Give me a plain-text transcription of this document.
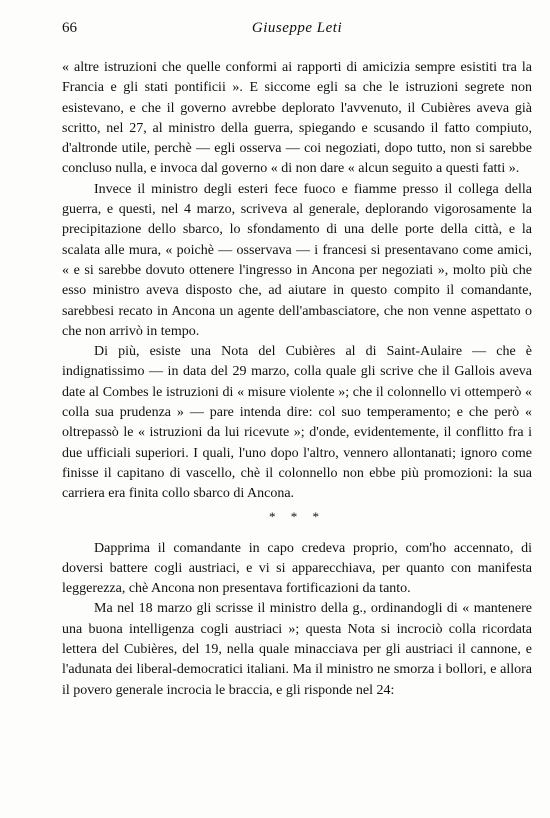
66	Giuseppe Leti

« altre istruzioni che quelle conformi ai rapporti di amicizia sempre esistiti tra la Francia e gli stati pontificii ». E siccome egli sa che le istruzioni segrete non esistevano, e che il governo avrebbe deplorato l'avvenuto, il Cubières aveva già scritto, nel 27, al ministro della guerra, spiegando e scusando il fatto compiuto, d'altronde utile, perchè — egli osserva — coi negoziati, dopo tutto, non si sarebbe concluso nulla, e invoca dal governo « di non dare « alcun seguito a questi fatti ».

Invece il ministro degli esteri fece fuoco e fiamme presso il collega della guerra, e questi, nel 4 marzo, scriveva al generale, deplorando vigorosamente la precipitazione dello sbarco, lo sfondamento di una delle porte della città, e la scalata alle mura, « poichè — osservava — i francesi si presentavano come amici, « e si sarebbe dovuto ottenere l'ingresso in Ancona per negoziati », molto più che esso ministro aveva disposto che, ad aiutare in questo compito il comandante, sarebbesi recato in Ancona un agente dell'ambasciatore, che non venne aspettato o che non arrivò in tempo.

Di più, esiste una Nota del Cubières al di Saint-Aulaire — che è indignatissimo — in data del 29 marzo, colla quale gli scrive che il Gallois aveva date al Combes le istruzioni di « misure violente »; che il colonnello vi ottemperò « colla sua prudenza » — pare intenda dire: col suo temperamento; e che però « oltrepassò le « istruzioni da lui ricevute »; d'onde, evidentemente, il conflitto fra i due ufficiali superiori. I quali, l'uno dopo l'altro, vennero allontanati; ignoro come finisse il capitano di vascello, chè il colonnello non ebbe più promozioni: la sua carriera era finita collo sbarco di Ancona.

* * *

Dapprima il comandante in capo credeva proprio, com'ho accennato, di doversi battere cogli austriaci, e vi si apparecchiava, per quanto con manifesta leggerezza, chè Ancona non presentava fortificazioni da tanto.

Ma nel 18 marzo gli scrisse il ministro della g., ordinandogli di « mantenere una buona intelligenza cogli austriaci »; questa Nota si incrociò colla ricordata lettera del Cubières, del 19, nella quale minacciava per gli austriaci il cannone, e l'adunata dei liberal-democratici italiani. Ma il ministro ne smorza i bollori, e allora il povero generale incrocia le braccia, e gli risponde nel 24:
